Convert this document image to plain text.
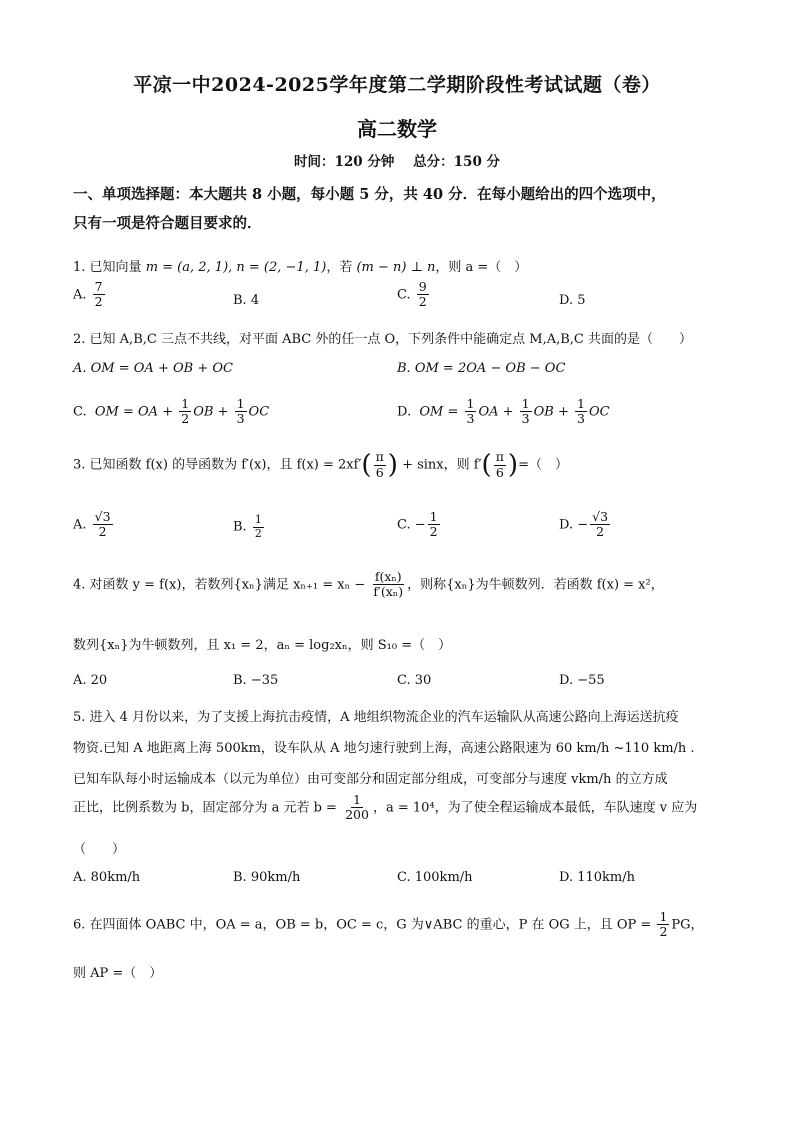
平凉一中2024-2025学年度第二学期阶段性考试试题（卷）
高二数学
时间：120 分钟 总分：150 分
一、单项选择题：本大题共 8 小题，每小题 5 分，共 40 分．在每小题给出的四个选项中，
只有一项是符合题目要求的．
1. 已知向量 m = (a, 2, 1), n = (2, −1, 1)，若 (m − n) ⊥ n，则 a =（　）
A. $\frac{7}{2}$	B. 4	C. $\frac{9}{2}$	D. 5
2. 已知 A,B,C 三点不共线，对平面 ABC 外的任一点 O，下列条件中能确定点 M,A,B,C 共面的是（　　）
A. OM = OA + OB + OC	B. OM = 2OA − OB − OC
C. OM = OA + $\frac{1}{2}$ OB + $\frac{1}{3}$ OC	D. OM = $\frac{1}{3}$ OA + $\frac{1}{3}$ OB + $\frac{1}{3}$ OC
3. 已知函数 f(x) 的导函数为 f′(x)，且 $f(x) = 2xf'( \frac{\pi}{6}$ ) + sinx，则 $f'( \frac{\pi}{6}$ )=（　）
A. $\frac{√3}{2}$	B. $\frac{1}{2}$	C. − $\frac{1}{2}$	D. − $\frac{√3}{2}$
4. 对函数 y = f(x)，若数列{xₙ}满足 $x_{n+1} = x_n - \frac{\text{f(xₙ)}}{\text{f′(xₙ)}}$ ，则称{xₙ}为牛顿数列．若函数 f(x) = x²，
数列{xₙ}为牛顿数列，且 x₁ = 2，aₙ = log₂xₙ，则 S₁₀ =（　）
A. 20	B. −35	C. 30	D. −55
5. 进入 4 月份以来，为了支援上海抗击疫情，A 地组织物流企业的汽车运输队从高速公路向上海运送抗疫
物资.已知 A 地距离上海 500km，设车队从 A 地匀速行驶到上海，高速公路限速为 60 km/h ~110 km/h .
已知车队每小时运输成本（以元为单位）由可变部分和固定部分组成，可变部分与速度 vkm/h 的立方成
正比，比例系数为 b，固定部分为 a 元若 $b = \frac{1}{200}$ ，a = 10⁴，为了使全程运输成本最低，车队速度 v 应为
（　　）
A. 80km/h	B. 90km/h	C. 100km/h	D. 110km/h
6. 在四面体 OABC 中，OA = a，OB = b，OC = c，G 为∨ABC 的重心，P 在 OG 上，且 OP = $\frac{1}{2}$ PG，
则 AP =（　）
